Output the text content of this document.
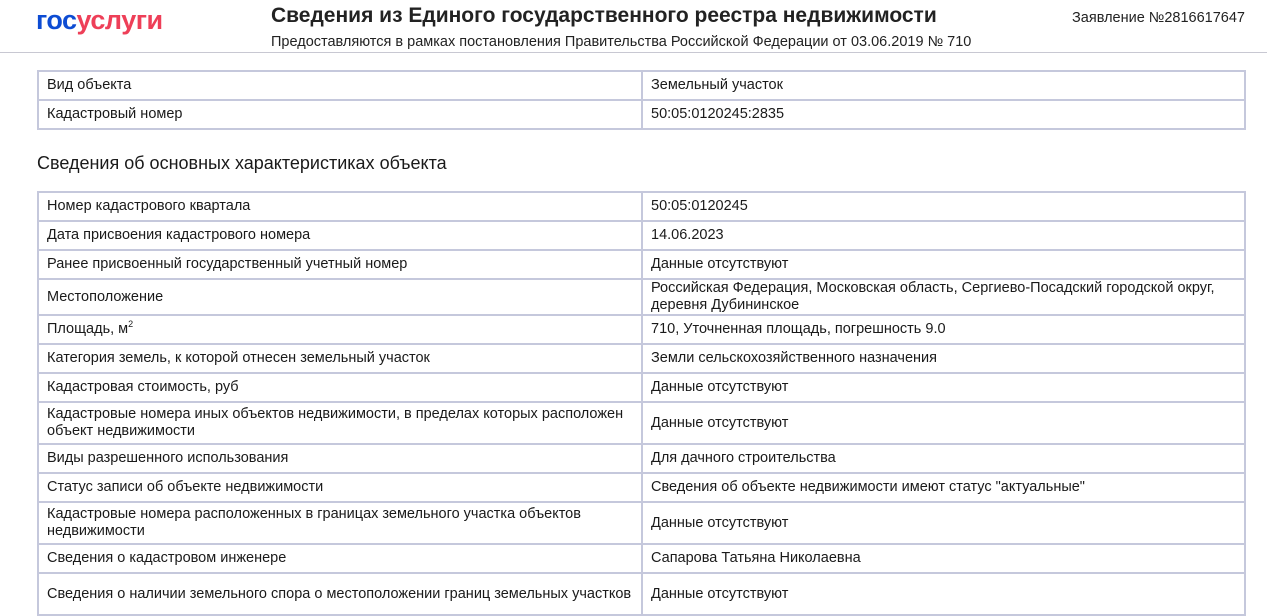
госуслуги	Сведения из Единого государственного реестра недвижимости
Предоставляются в рамках постановления Правительства Российской Федерации от 03.06.2019 № 710
Заявление №2816617647
Вид объекта	Земельный участок
Кадастровый номер	50:05:0120245:2835
Сведения об основных характеристиках объекта
Номер кадастрового квартала	50:05:0120245
Дата присвоения кадастрового номера	14.06.2023
Ранее присвоенный государственный учетный номер	Данные отсутствуют
Местоположение	Российская Федерация, Московская область, Сергиево-Посадский городской округ, деревня Дубининское
Площадь, $м^2$	710, Уточненная площадь, погрешность 9.0
Категория земель, к которой отнесен земельный участок	Земли сельскохозяйственного назначения
Кадастровая стоимость, руб	Данные отсутствуют
Кадастровые номера иных объектов недвижимости, в пределах которых расположен объект недвижимости	Данные отсутствуют
Виды разрешенного использования	Для дачного строительства
Статус записи об объекте недвижимости	Сведения об объекте недвижимости имеют статус "актуальные"
Кадастровые номера расположенных в границах земельного участка объектов недвижимости	Данные отсутствуют
Сведения о кадастровом инженере	Сапарова Татьяна Николаевна
Сведения о наличии земельного спора о местоположении границ земельных участков	Данные отсутствуют
